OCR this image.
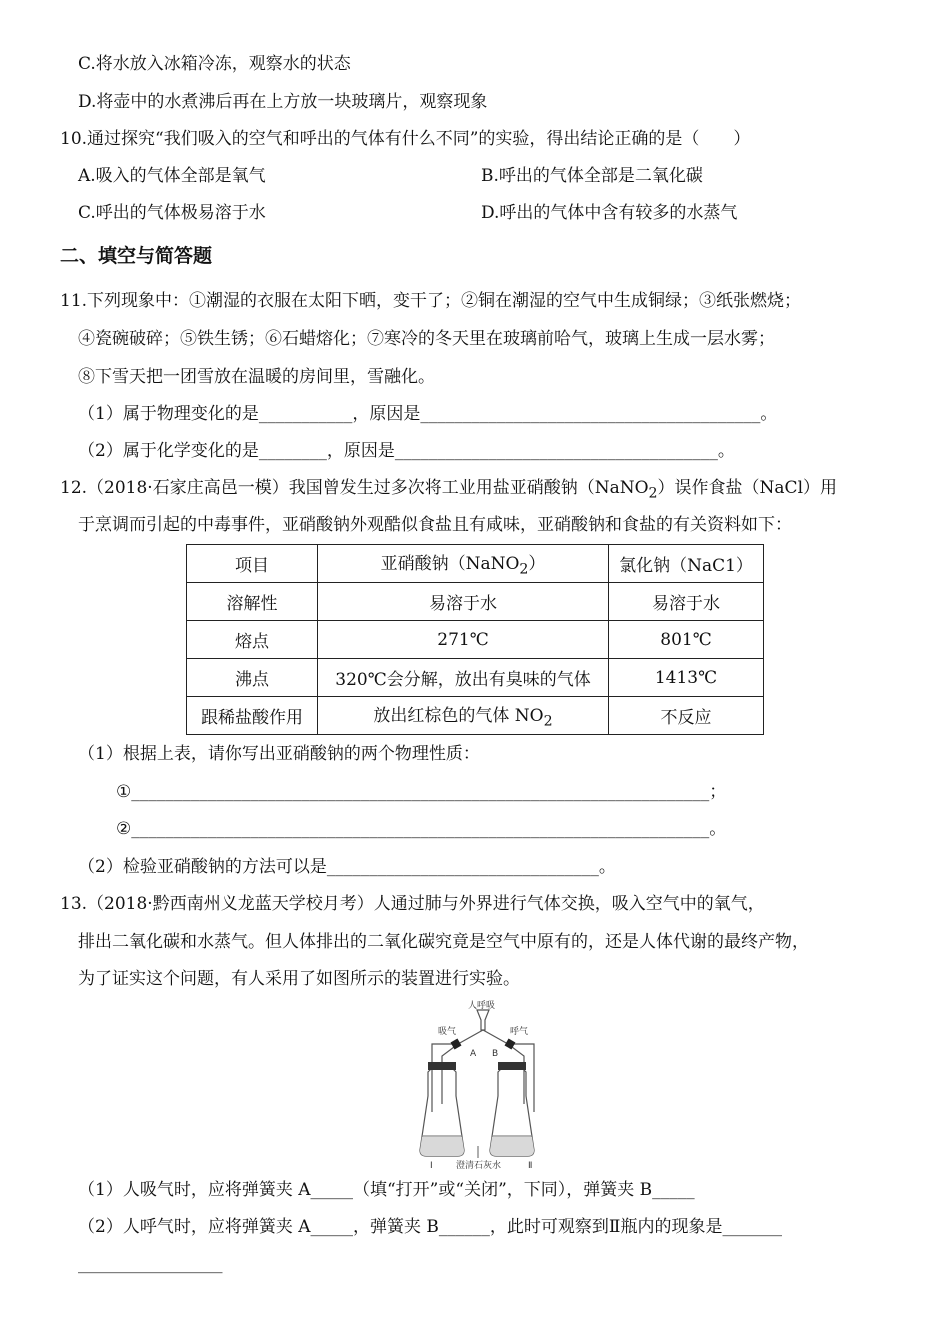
C.将水放入冰箱冷冻，观察水的状态
D.将壶中的水煮沸后再在上方放一块玻璃片，观察现象
10.通过探究“我们吸入的空气和呼出的气体有什么不同”的实验，得出结论正确的是（　　）
A.吸入的气体全部是氧气	B.呼出的气体全部是二氧化碳
C.呼出的气体极易溶于水	D.呼出的气体中含有较多的水蒸气
二、填空与简答题
11.下列现象中：①潮湿的衣服在太阳下晒，变干了；②铜在潮湿的空气中生成铜绿；③纸张燃烧；
④瓷碗破碎；⑤铁生锈；⑥石蜡熔化；⑦寒冷的冬天里在玻璃前哈气，玻璃上生成一层水雾；
⑧下雪天把一团雪放在温暖的房间里，雪融化。
（1）属于物理变化的是___________，原因是________________________________________。
（2）属于化学变化的是________，原因是______________________________________。
12.（2018·石家庄高邑一模）我国曾发生过多次将工业用盐亚硝酸钠（NaNO$_2$）误作食盐（NaCl）用
于烹调而引起的中毒事件，亚硝酸钠外观酷似食盐且有咸味，亚硝酸钠和食盐的有关资料如下：
项目	亚硝酸钠（NaNO$_2$）	氯化钠（NaC1）
溶解性	易溶于水	易溶于水
熔点	271℃	801℃
沸点	320℃会分解，放出有臭味的气体	1413℃
跟稀盐酸作用	放出红棕色的气体 $NO_2$	不反应
（1）根据上表，请你写出亚硝酸钠的两个物理性质：
①____________________________________________________________________；
②____________________________________________________________________。
（2）检验亚硝酸钠的方法可以是________________________________。
13.（2018·黔西南州义龙蓝天学校月考）人通过肺与外界进行气体交换，吸入空气中的氧气，
排出二氧化碳和水蒸气。但人体排出的二氧化碳究竟是空气中原有的，还是人体代谢的最终产物，
为了证实这个问题，有人采用了如图所示的装置进行实验。
人呼吸
吸气	呼气
A B
Ⅰ	澄清石灰水	Ⅱ
（1）人吸气时，应将弹簧夹 A_____（填“打开”或“关闭”，下同），弹簧夹 B_____
（2）人呼气时，应将弹簧夹 A_____，弹簧夹 B______，此时可观察到Ⅱ瓶内的现象是_______
_________________
